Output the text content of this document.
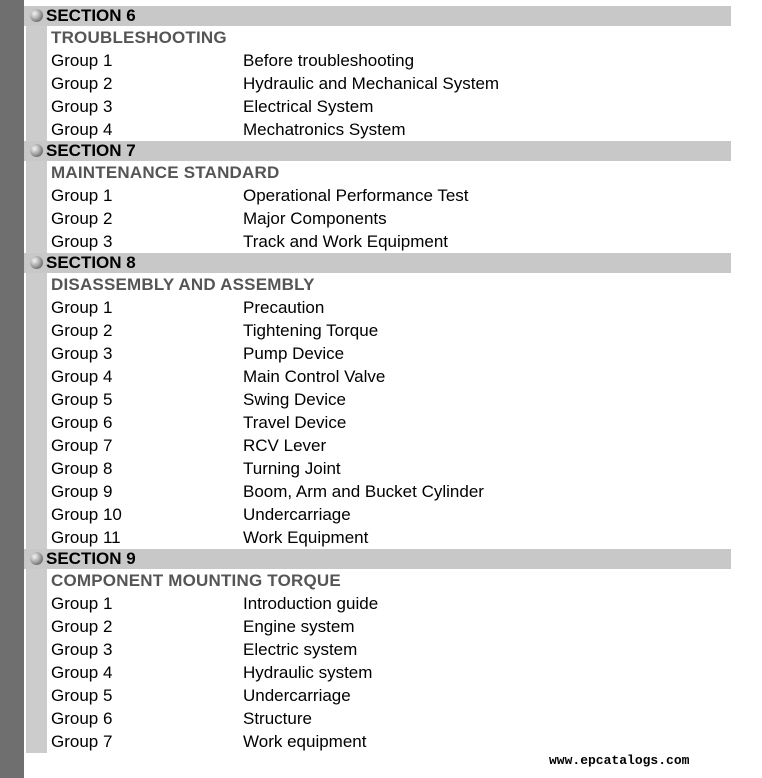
SECTION 6
TROUBLESHOOTING
Group 1	Before troubleshooting
Group 2	Hydraulic and Mechanical System
Group 3	Electrical System
Group 4	Mechatronics System
SECTION 7
MAINTENANCE STANDARD
Group 1	Operational Performance Test
Group 2	Major Components
Group 3	Track and Work Equipment
SECTION 8
DISASSEMBLY AND ASSEMBLY
Group 1	Precaution
Group 2	Tightening Torque
Group 3	Pump Device
Group 4	Main Control Valve
Group 5	Swing Device
Group 6	Travel Device
Group 7	RCV Lever
Group 8	Turning Joint
Group 9	Boom, Arm and Bucket Cylinder
Group 10	Undercarriage
Group 11	Work Equipment
SECTION 9
COMPONENT MOUNTING TORQUE
Group 1	Introduction guide
Group 2	Engine system
Group 3	Electric system
Group 4	Hydraulic system
Group 5	Undercarriage
Group 6	Structure
Group 7	Work equipment
www.epcatalogs.com
